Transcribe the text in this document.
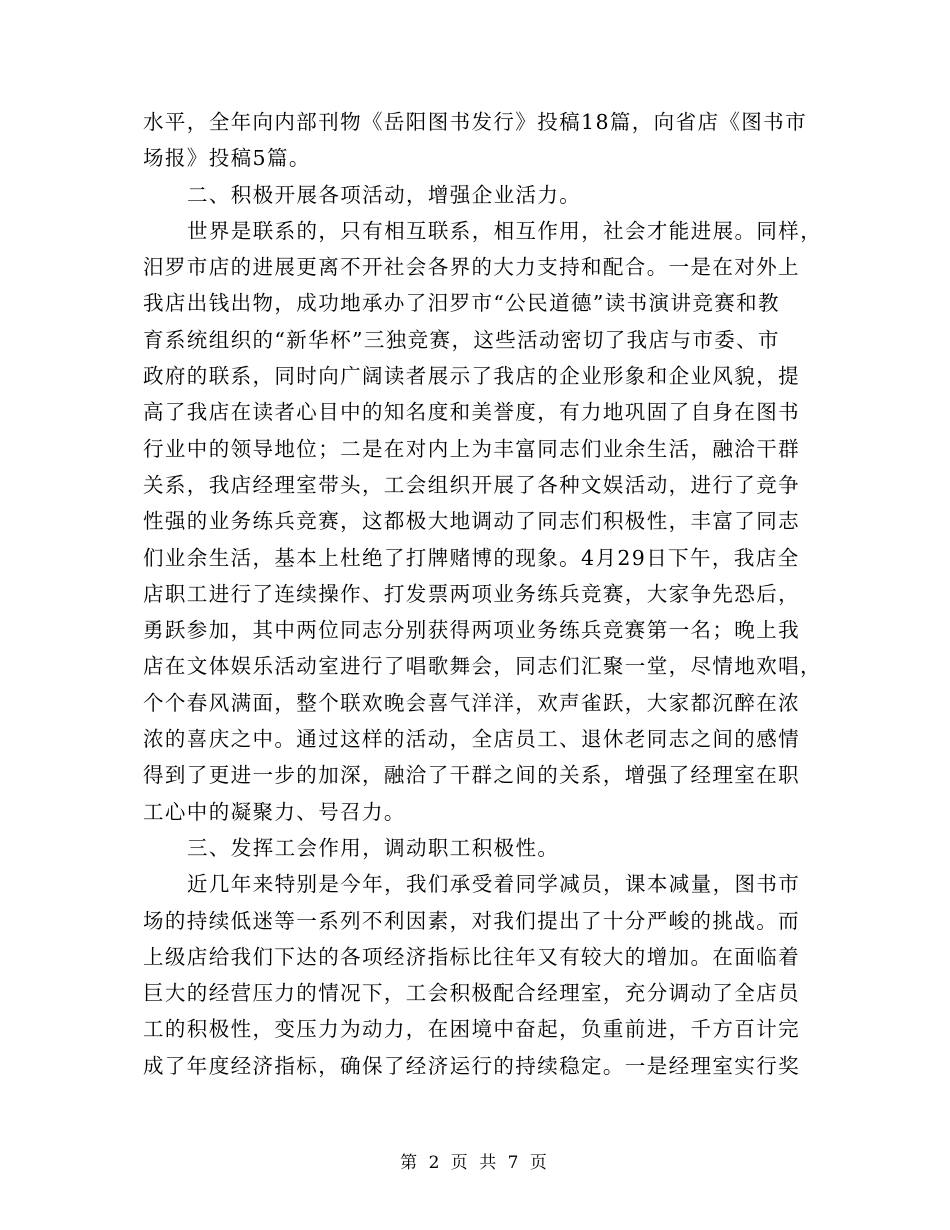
水平，全年向内部刊物《岳阳图书发行》投稿18篇，向省店《图书市
场报》投稿5篇。
二、积极开展各项活动，增强企业活力。
世界是联系的，只有相互联系，相互作用，社会才能进展。同样，
汨罗市店的进展更离不开社会各界的大力支持和配合。一是在对外上
我店出钱出物，成功地承办了汨罗市“公民道德”读书演讲竞赛和教
育系统组织的“新华杯”三独竞赛，这些活动密切了我店与市委、市
政府的联系，同时向广阔读者展示了我店的企业形象和企业风貌，提
高了我店在读者心目中的知名度和美誉度，有力地巩固了自身在图书
行业中的领导地位；二是在对内上为丰富同志们业余生活，融洽干群
关系，我店经理室带头，工会组织开展了各种文娱活动，进行了竞争
性强的业务练兵竞赛，这都极大地调动了同志们积极性，丰富了同志
们业余生活，基本上杜绝了打牌赌博的现象。4月29日下午，我店全
店职工进行了连续操作、打发票两项业务练兵竞赛，大家争先恐后，
勇跃参加，其中两位同志分别获得两项业务练兵竞赛第一名；晚上我
店在文体娱乐活动室进行了唱歌舞会，同志们汇聚一堂，尽情地欢唱，
个个春风满面，整个联欢晚会喜气洋洋，欢声雀跃，大家都沉醉在浓
浓的喜庆之中。通过这样的活动，全店员工、退休老同志之间的感情
得到了更进一步的加深，融洽了干群之间的关系，增强了经理室在职
工心中的凝聚力、号召力。
三、发挥工会作用，调动职工积极性。
近几年来特别是今年，我们承受着同学减员，课本减量，图书市
场的持续低迷等一系列不利因素，对我们提出了十分严峻的挑战。而
上级店给我们下达的各项经济指标比往年又有较大的增加。在面临着
巨大的经营压力的情况下，工会积极配合经理室，充分调动了全店员
工的积极性，变压力为动力，在困境中奋起，负重前进，千方百计完
成了年度经济指标，确保了经济运行的持续稳定。一是经理室实行奖

第 2 页 共 7 页
